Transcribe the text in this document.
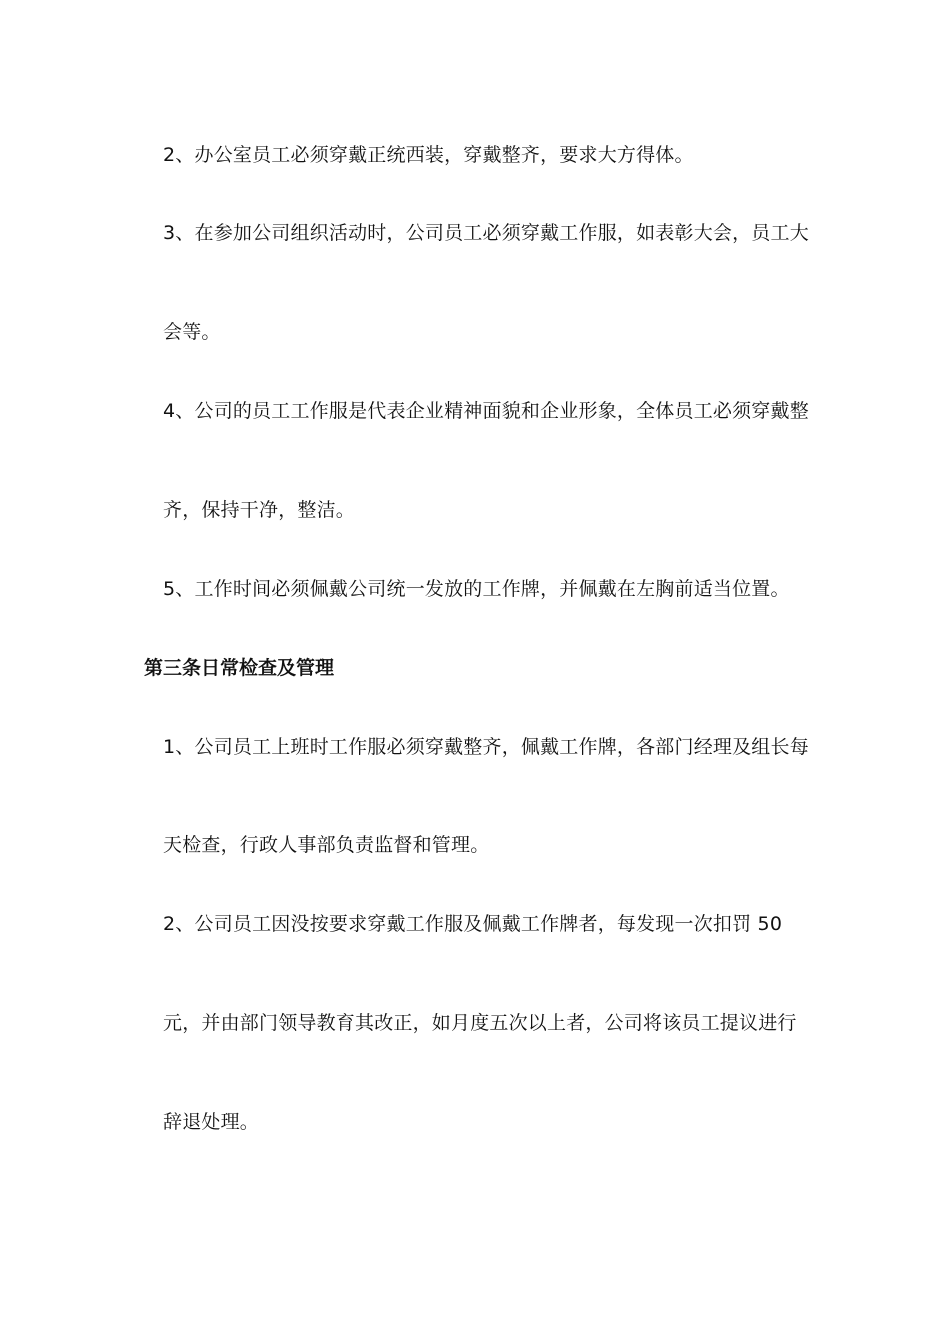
2、办公室员工必须穿戴正统西装，穿戴整齐，要求大方得体。
3、在参加公司组织活动时，公司员工必须穿戴工作服，如表彰大会，员工大
会等。
4、公司的员工工作服是代表企业精神面貌和企业形象，全体员工必须穿戴整
齐，保持干净，整洁。
5、工作时间必须佩戴公司统一发放的工作牌，并佩戴在左胸前适当位置。
第三条日常检查及管理
1、公司员工上班时工作服必须穿戴整齐，佩戴工作牌，各部门经理及组长每
天检查，行政人事部负责监督和管理。
2、公司员工因没按要求穿戴工作服及佩戴工作牌者，每发现一次扣罚 50
元，并由部门领导教育其改正，如月度五次以上者，公司将该员工提议进行
辞退处理。
